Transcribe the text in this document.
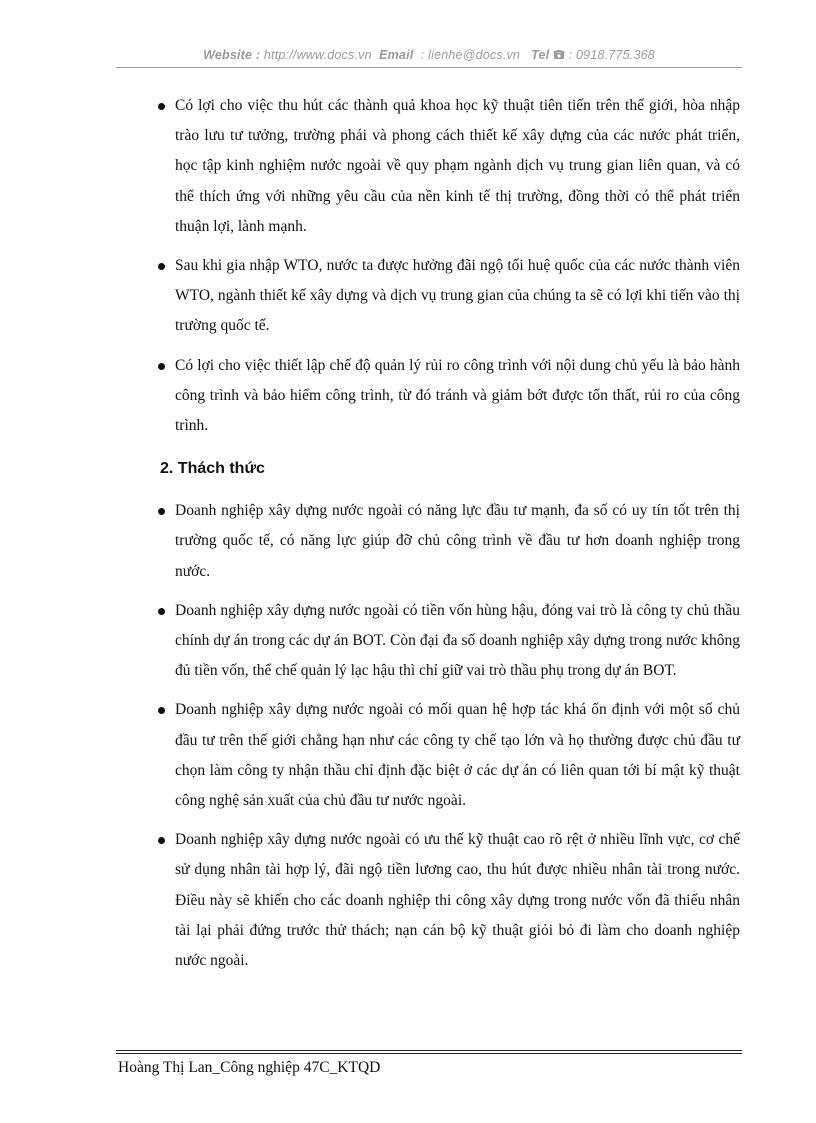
Website : http://www.docs.vn Email : lienhe@docs.vn Tel : 0918.775.368
Có lợi cho việc thu hút các thành quả khoa học kỹ thuật tiên tiến trên thế giới, hòa nhập trào lưu tư tưởng, trường phái và phong cách thiết kế xây dựng của các nước phát triển, học tập kinh nghiệm nước ngoài về quy phạm ngành dịch vụ trung gian liên quan, và có thể thích ứng với những yêu cầu của nền kinh tế thị trường, đồng thời có thể phát triển thuận lợi, lành mạnh.
Sau khi gia nhập WTO, nước ta được hưởng đãi ngộ tối huệ quốc của các nước thành viên WTO, ngành thiết kế xây dựng và dịch vụ trung gian của chúng ta sẽ có lợi khi tiến vào thị trường quốc tế.
Có lợi cho việc thiết lập chế độ quản lý rủi ro công trình với nội dung chủ yếu là bảo hành công trình và bảo hiểm công trình, từ đó tránh và giảm bớt được tổn thất, rủi ro của công trình.
2. Thách thức
Doanh nghiệp xây dựng nước ngoài có năng lực đầu tư mạnh, đa số có uy tín tốt trên thị trường quốc tế, có năng lực giúp đỡ chủ công trình về đầu tư hơn doanh nghiệp trong nước.
Doanh nghiệp xây dựng nước ngoài có tiền vốn hùng hậu, đóng vai trò là công ty chủ thầu chính dự án trong các dự án BOT. Còn đại đa số doanh nghiệp xây dựng trong nước không đủ tiền vốn, thể chế quản lý lạc hậu thì chỉ giữ vai trò thầu phụ trong dự án BOT.
Doanh nghiệp xây dựng nước ngoài có mối quan hệ hợp tác khá ổn định với một số chủ đầu tư trên thế giới chẳng hạn như các công ty chế tạo lớn và họ thường được chủ đầu tư chọn làm công ty nhận thầu chỉ định đặc biệt ở các dự án có liên quan tới bí mật kỹ thuật công nghệ sản xuất của chủ đầu tư nước ngoài.
Doanh nghiệp xây dựng nước ngoài có ưu thế kỹ thuật cao rõ rệt ở nhiều lĩnh vực, cơ chế sử dụng nhân tài hợp lý, đãi ngộ tiền lương cao, thu hút được nhiều nhân tài trong nước. Điều này sẽ khiến cho các doanh nghiệp thi công xây dựng trong nước vốn đã thiếu nhân tài lại phải đứng trước thử thách; nạn cán bộ kỹ thuật giỏi bỏ đi làm cho doanh nghiệp nước ngoài.
Hoàng Thị Lan_Công nghiệp 47C_KTQD
